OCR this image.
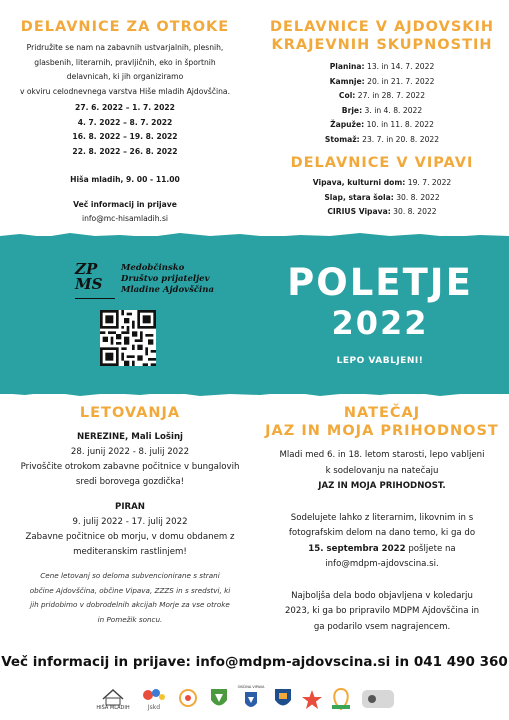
DELAVNICE ZA OTROKE
Pridružite se nam na zabavnih ustvarjalnih, plesnih,
glasbenih, literarnih, pravljičnih, eko in športnih
delavnicah, ki jih organiziramo
v okviru celodnevnega varstva Hiše mladih Ajdovščina.
27. 6. 2022 – 1. 7. 2022
4. 7. 2022 – 8. 7. 2022
16. 8. 2022 – 19. 8. 2022
22. 8. 2022 – 26. 8. 2022
Hiša mladih, 9. 00 - 11.00
Več informacij in prijave
info@mc-hisamladih.si
DELAVNICE V AJDOVSKIH
KRAJEVNIH SKUPNOSTIH
Planina: 13. in 14. 7. 2022
Kamnje: 20. in 21. 7. 2022
Col: 27. in 28. 7. 2022
Brje: 3. in 4. 8. 2022
Žapuže: 10. in 11. 8. 2022
Stomaž: 23. 7. in 20. 8. 2022
DELAVNICE V VIPAVI
Vipava, kulturni dom: 19. 7. 2022
Slap, stara šola: 30. 8. 2022
CIRIUS Vipava: 30. 8. 2022
ZP MS
Medobčinsko
Društvo prijateljev
Mladine Ajdovščina POLETJE
2022
LEPO VABLJENI!
LETOVANJA
NEREZINE, Mali Lošinj
28. junij 2022 - 8. julij 2022
Privoščite otrokom zabavne počitnice v bungalovih
sredi borovega gozdička!
PIRAN
9. julij 2022 - 17. julij 2022
Zabavne počitnice ob morju, v domu obdanem z
mediteranskim rastlinjem!
Cene letovanj so deloma subvencionirane s strani
občine Ajdovščina, občine Vipava, ZZZS in s sredstvi, ki
jih pridobimo v dobrodelnih akcijah Morje za vse otroke
in Pomežik soncu.
NATEČAJ
JAZ IN MOJA PRIHODNOST
Mladi med 6. in 18. letom starosti, lepo vabljeni
k sodelovanju na natečaju
JAZ IN MOJA PRIHODNOST.
Sodelujete lahko z literarnim, likovnim in s
fotografskim delom na dano temo, ki ga do
15. septembra 2022 pošljete na
info@mdpm-ajdovscina.si.
Najboljša dela bodo objavljena v koledarju
2023, ki ga bo pripravilo MDPM Ajdovščina in
ga podarilo vsem nagrajencem.
Več informacij in prijave: info@mdpm-ajdovscina.si in 041 490 360
HIŠA MLADIH	Jskd
OBČINA VIPAVA
